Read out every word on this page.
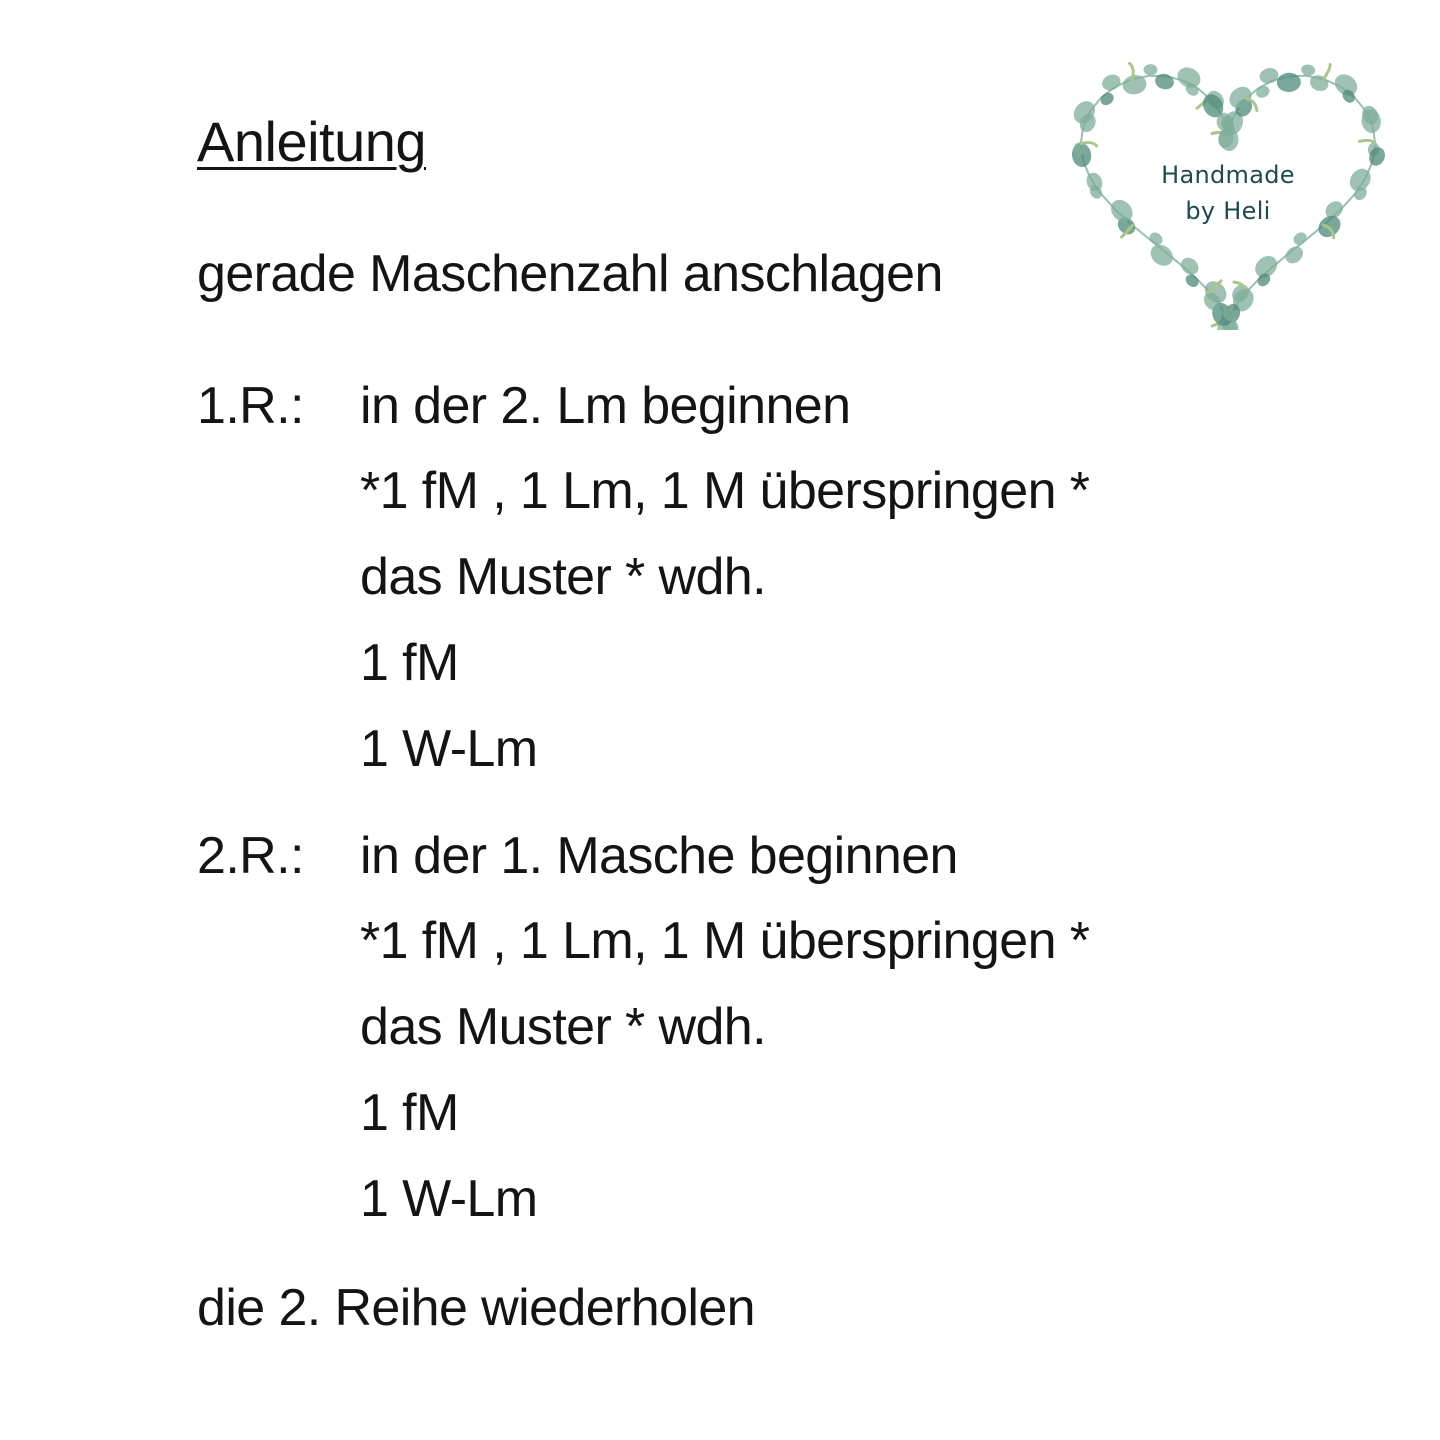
Anleitung
gerade Maschenzahl anschlagen
1.R.: in der 2. Lm beginnen
*1 fM , 1 Lm, 1 M überspringen *
das Muster * wdh.
1 fM
1 W-Lm
2.R.: in der 1. Masche beginnen
*1 fM , 1 Lm, 1 M überspringen *
das Muster * wdh.
1 fM
1 W-Lm
die 2. Reihe wiederholen
Handmade
by Heli
